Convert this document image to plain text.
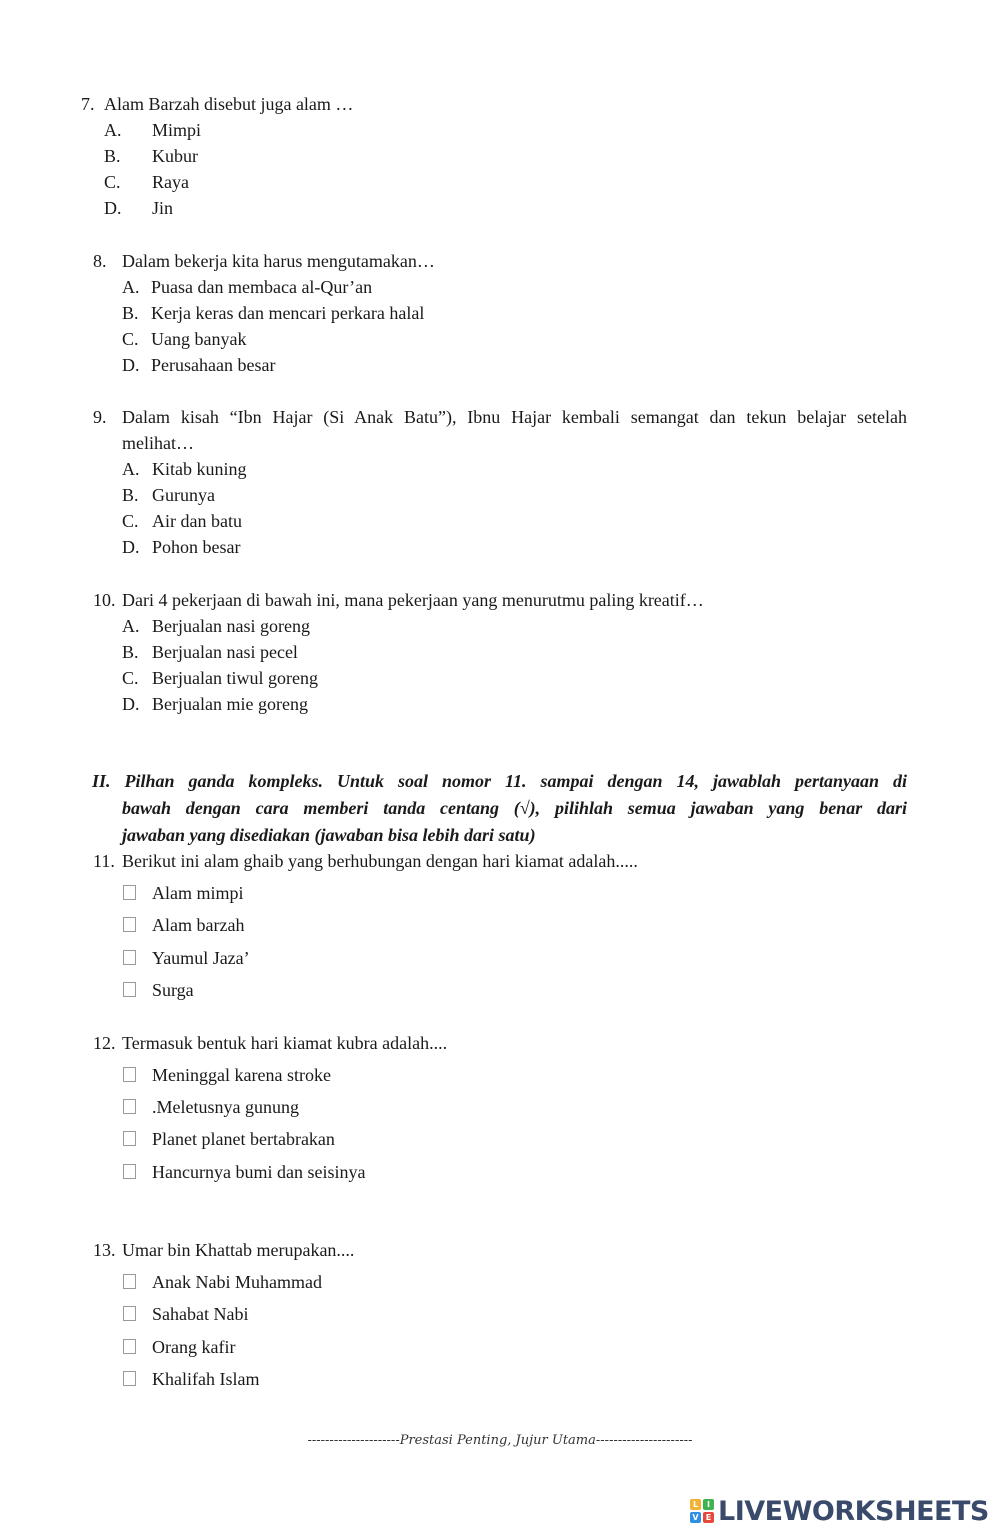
7. Alam Barzah disebut juga alam …
A. Mimpi
B. Kubur
C. Raya
D. Jin
8. Dalam bekerja kita harus mengutamakan…
A. Puasa dan membaca al-Qur’an
B. Kerja keras dan mencari perkara halal
C. Uang banyak
D. Perusahaan besar
9. Dalam kisah “Ibn Hajar (Si Anak Batu”), Ibnu Hajar kembali semangat dan tekun belajar setelah
melihat…
A. Kitab kuning
B. Gurunya
C. Air dan batu
D. Pohon besar
10. Dari 4 pekerjaan di bawah ini, mana pekerjaan yang menurutmu paling kreatif…
A. Berjualan nasi goreng
B. Berjualan nasi pecel
C. Berjualan tiwul goreng
D. Berjualan mie goreng
II. Pilhan ganda kompleks. Untuk soal nomor 11. sampai dengan 14, jawablah pertanyaan di
bawah dengan cara memberi tanda centang (√), pilihlah semua jawaban yang benar dari
jawaban yang disediakan (jawaban bisa lebih dari satu)
11. Berikut ini alam ghaib yang berhubungan dengan hari kiamat adalah.....
Alam mimpi
Alam barzah
Yaumul Jaza’
Surga
12. Termasuk bentuk hari kiamat kubra adalah....
Meninggal karena stroke
.Meletusnya gunung
Planet planet bertabrakan
Hancurnya bumi dan seisinya
13. Umar bin Khattab merupakan....
Anak Nabi Muhammad
Sahabat Nabi
Orang kafir
Khalifah Islam
---------------------Prestasi Penting, Jujur Utama----------------------
L	I
V E LIVEWORKSHEETS
